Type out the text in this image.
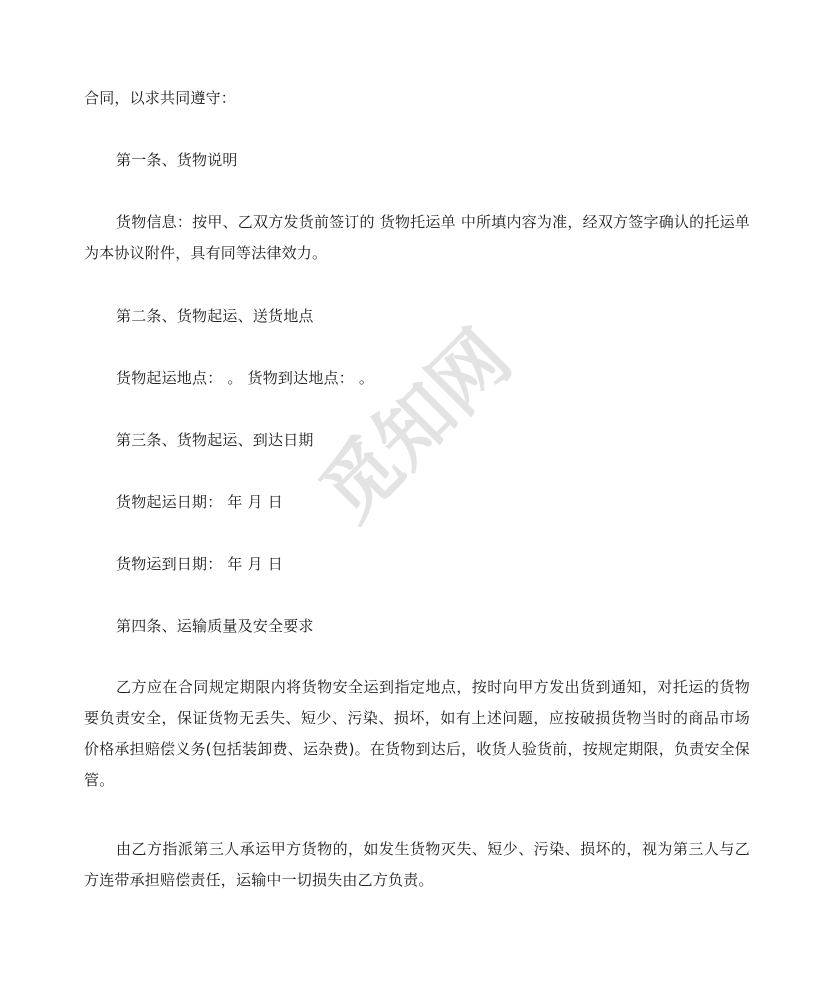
觅知网
合同，以求共同遵守：
第一条、货物说明
货物信息：按甲、乙双方发货前签订的 货物托运单 中所填内容为准，经双方签字确认的托运单为本协议附件，具有同等法律效力。
第二条、货物起运、送货地点
货物起运地点： 。 货物到达地点： 。
第三条、货物起运、到达日期
货物起运日期： 年 月 日
货物运到日期： 年 月 日
第四条、运输质量及安全要求
乙方应在合同规定期限内将货物安全运到指定地点，按时向甲方发出货到通知，对托运的货物要负责安全，保证货物无丢失、短少、污染、损坏，如有上述问题，应按破损货物当时的商品市场价格承担赔偿义务(包括装卸费、运杂费)。在货物到达后，收货人验货前，按规定期限，负责安全保管。
由乙方指派第三人承运甲方货物的，如发生货物灭失、短少、污染、损坏的，视为第三人与乙方连带承担赔偿责任，运输中一切损失由乙方负责。
